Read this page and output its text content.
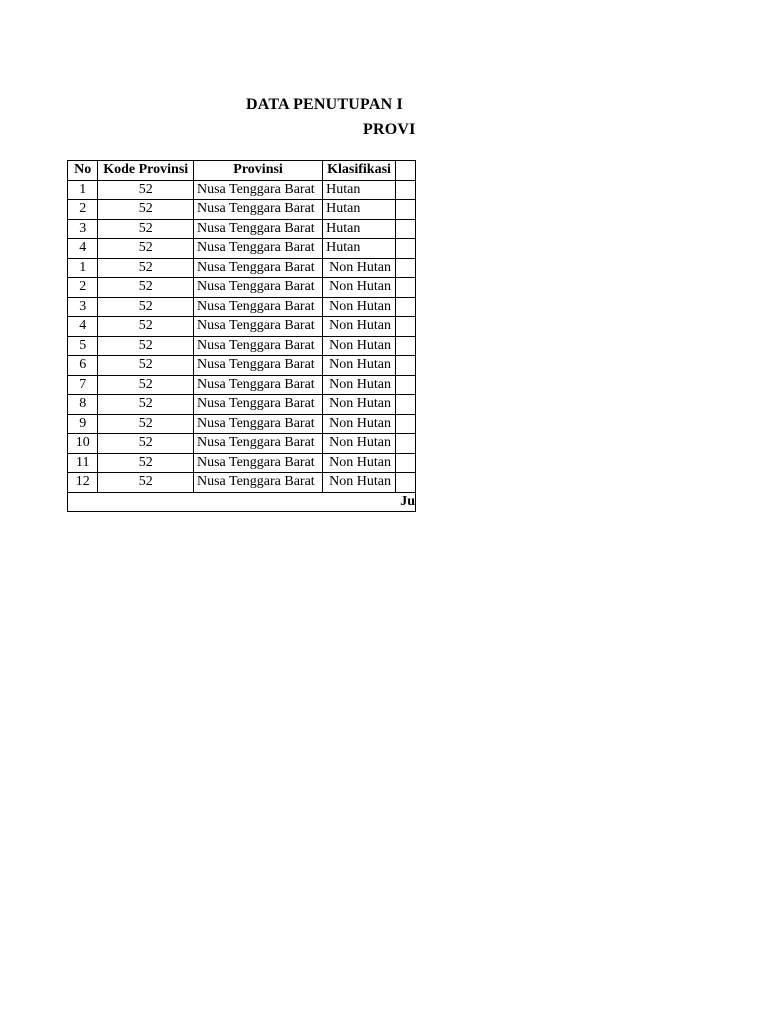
DATA PENUTUPAN I
PROVI
No	Kode Provinsi	Provinsi	Klasifikasi	
1	52	Nusa Tenggara Barat	Hutan	
2	52	Nusa Tenggara Barat	Hutan	
3	52	Nusa Tenggara Barat	Hutan	
4	52	Nusa Tenggara Barat	Hutan	
1	52	Nusa Tenggara Barat	Non Hutan	
2	52	Nusa Tenggara Barat	Non Hutan	
3	52	Nusa Tenggara Barat	Non Hutan	
4	52	Nusa Tenggara Barat	Non Hutan	
5	52	Nusa Tenggara Barat	Non Hutan	
6	52	Nusa Tenggara Barat	Non Hutan	
7	52	Nusa Tenggara Barat	Non Hutan	
8	52	Nusa Tenggara Barat	Non Hutan	
9	52	Nusa Tenggara Barat	Non Hutan	
10	52	Nusa Tenggara Barat	Non Hutan	
11	52	Nusa Tenggara Barat	Non Hutan	
12	52	Nusa Tenggara Barat	Non Hutan	
Ju				
